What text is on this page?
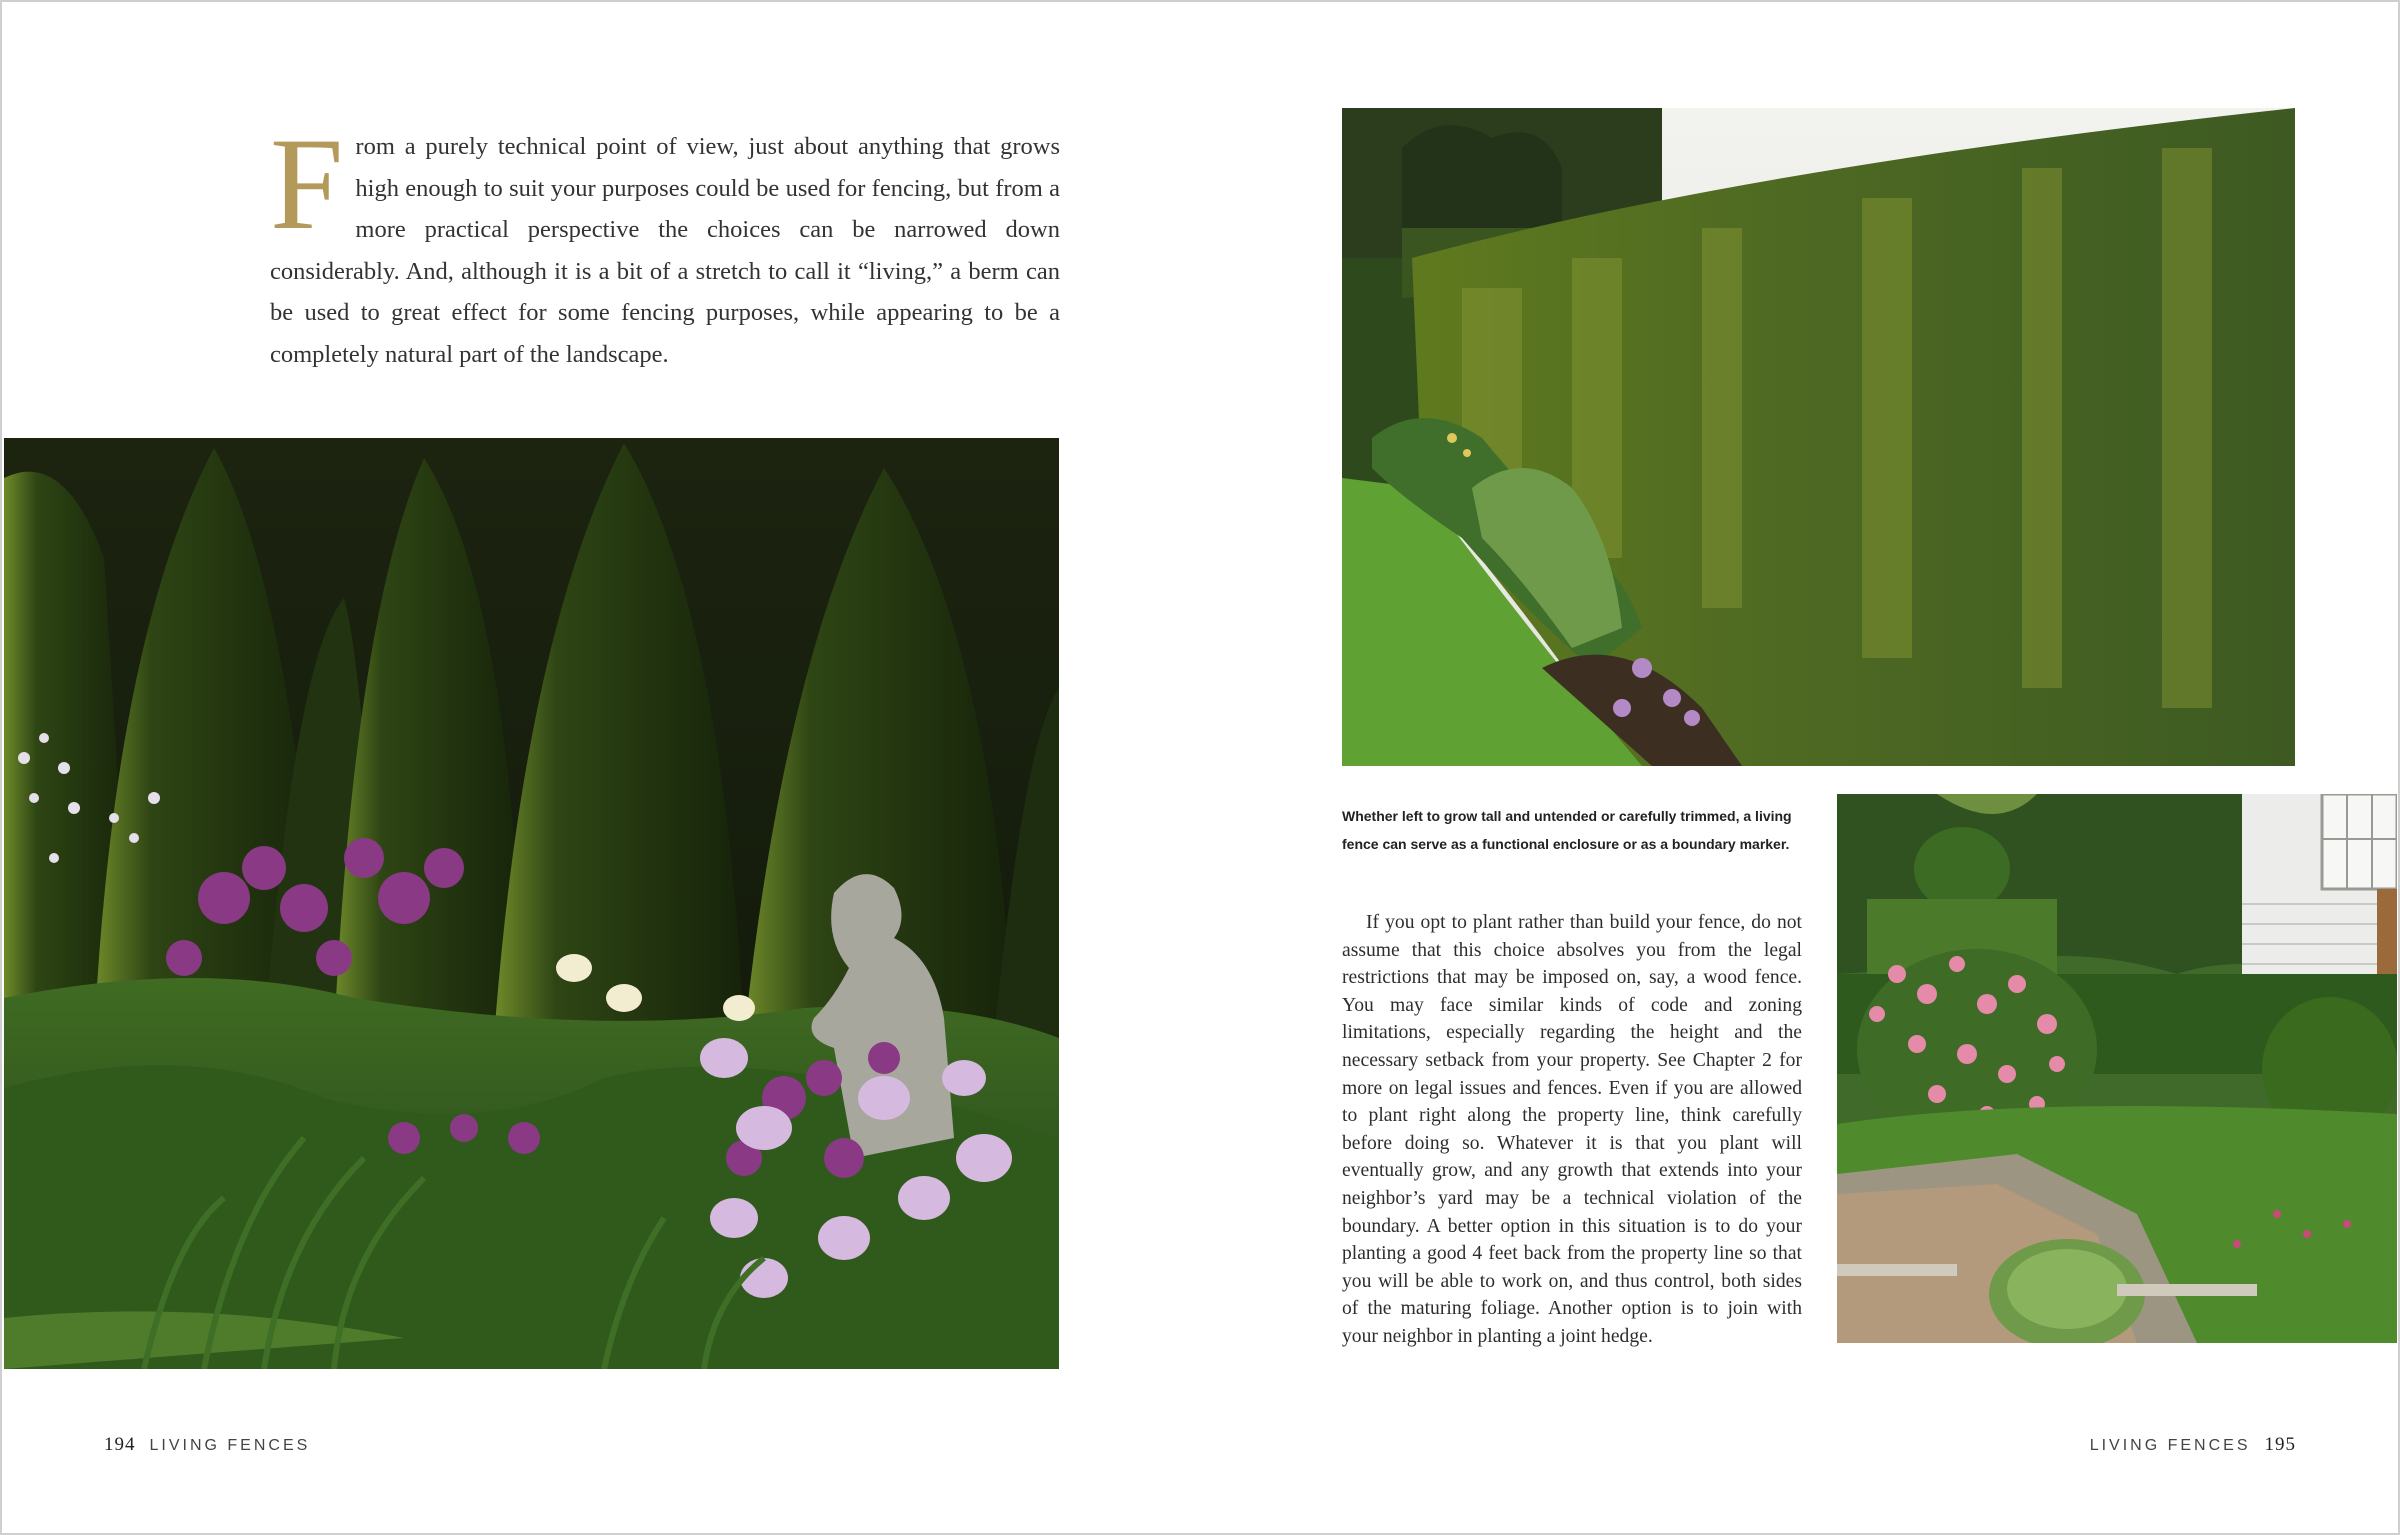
F rom a purely technical point of view, just about anything that grows high enough to suit your purposes could be used for fencing, but from a more practical perspective the choices can be narrowed down considerably. And, although it is a bit of a stretch to call it “living,” a berm can be used to great effect for some fencing purposes, while appearing to be a completely natural part of the landscape.
194 LIVING FENCES
Whether left to grow tall and untended or carefully trimmed, a living fence can serve as a functional enclosure or as a boundary marker.
If you opt to plant rather than build your fence, do not assume that this choice absolves you from the legal restrictions that may be imposed on, say, a wood fence. You may face similar kinds of code and zoning limitations, especially regarding the height and the necessary setback from your property. See Chapter 2 for more on legal issues and fences. Even if you are allowed to plant right along the property line, think carefully before doing so. Whatever it is that you plant will eventually grow, and any growth that extends into your neighbor’s yard may be a technical violation of the boundary. A better option in this situation is to do your planting a good 4 feet back from the property line so that you will be able to work on, and thus control, both sides of the maturing foliage. Another option is to join with your neighbor in planting a joint hedge.
LIVING FENCES 195
